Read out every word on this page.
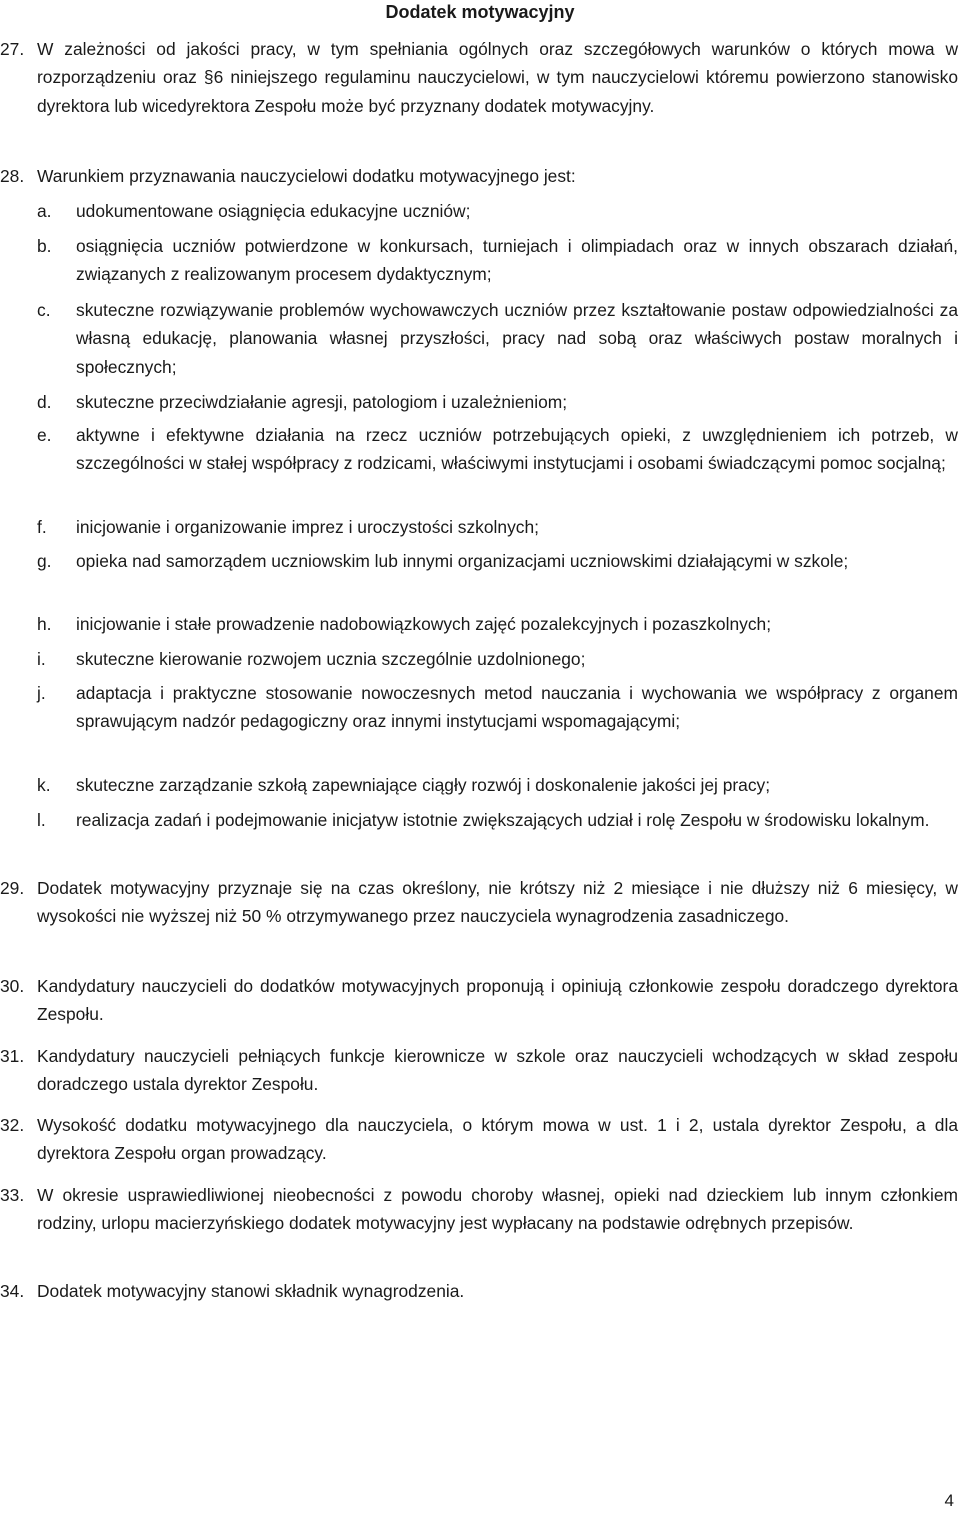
Dodatek motywacyjny
27. W zależności od jakości pracy, w tym spełniania ogólnych oraz szczegółowych warunków o których mowa w rozporządzeniu oraz §6 niniejszego regulaminu nauczycielowi, w tym nauczycielowi któremu powierzono stanowisko dyrektora lub wicedyrektora Zespołu może być przyznany dodatek motywacyjny.
28. Warunkiem przyznawania nauczycielowi dodatku motywacyjnego jest:
a. udokumentowane osiągnięcia edukacyjne uczniów;
b. osiągnięcia uczniów potwierdzone w konkursach, turniejach i olimpiadach oraz w innych obszarach działań, związanych z realizowanym procesem dydaktycznym;
c. skuteczne rozwiązywanie problemów wychowawczych uczniów przez kształtowanie postaw odpowiedzialności za własną edukację, planowania własnej przyszłości, pracy nad sobą oraz właściwych postaw moralnych i społecznych;
d. skuteczne przeciwdziałanie agresji, patologiom i uzależnieniom;
e. aktywne i efektywne działania na rzecz uczniów potrzebujących opieki, z uwzględnieniem ich potrzeb, w szczególności w stałej współpracy z rodzicami, właściwymi instytucjami i osobami świadczącymi pomoc socjalną;
f. inicjowanie i organizowanie imprez i uroczystości szkolnych;
g. opieka nad samorządem uczniowskim lub innymi organizacjami uczniowskimi działającymi w szkole;
h. inicjowanie i stałe prowadzenie nadobowiązkowych zajęć pozalekcyjnych i pozaszkolnych;
i. skuteczne kierowanie rozwojem ucznia szczególnie uzdolnionego;
j. adaptacja i praktyczne stosowanie nowoczesnych metod nauczania i wychowania we współpracy z organem sprawującym nadzór pedagogiczny oraz innymi instytucjami wspomagającymi;
k. skuteczne zarządzanie szkołą zapewniające ciągły rozwój i doskonalenie jakości jej pracy;
l. realizacja zadań i podejmowanie inicjatyw istotnie zwiększających udział i rolę Zespołu w środowisku lokalnym.
29. Dodatek motywacyjny przyznaje się na czas określony, nie krótszy niż 2 miesiące i nie dłuższy niż 6 miesięcy, w wysokości nie wyższej niż 50 % otrzymywanego przez nauczyciela wynagrodzenia zasadniczego.
30. Kandydatury nauczycieli do dodatków motywacyjnych proponują i opiniują członkowie zespołu doradczego dyrektora Zespołu.
31. Kandydatury nauczycieli pełniących funkcje kierownicze w szkole oraz nauczycieli wchodzących w skład zespołu doradczego ustala dyrektor Zespołu.
32. Wysokość dodatku motywacyjnego dla nauczyciela, o którym mowa w ust. 1 i 2, ustala dyrektor Zespołu, a dla dyrektora Zespołu organ prowadzący.
33. W okresie usprawiedliwionej nieobecności z powodu choroby własnej, opieki nad dzieckiem lub innym członkiem rodziny, urlopu macierzyńskiego dodatek motywacyjny jest wypłacany na podstawie odrębnych przepisów.
34. Dodatek motywacyjny stanowi składnik wynagrodzenia.
4
